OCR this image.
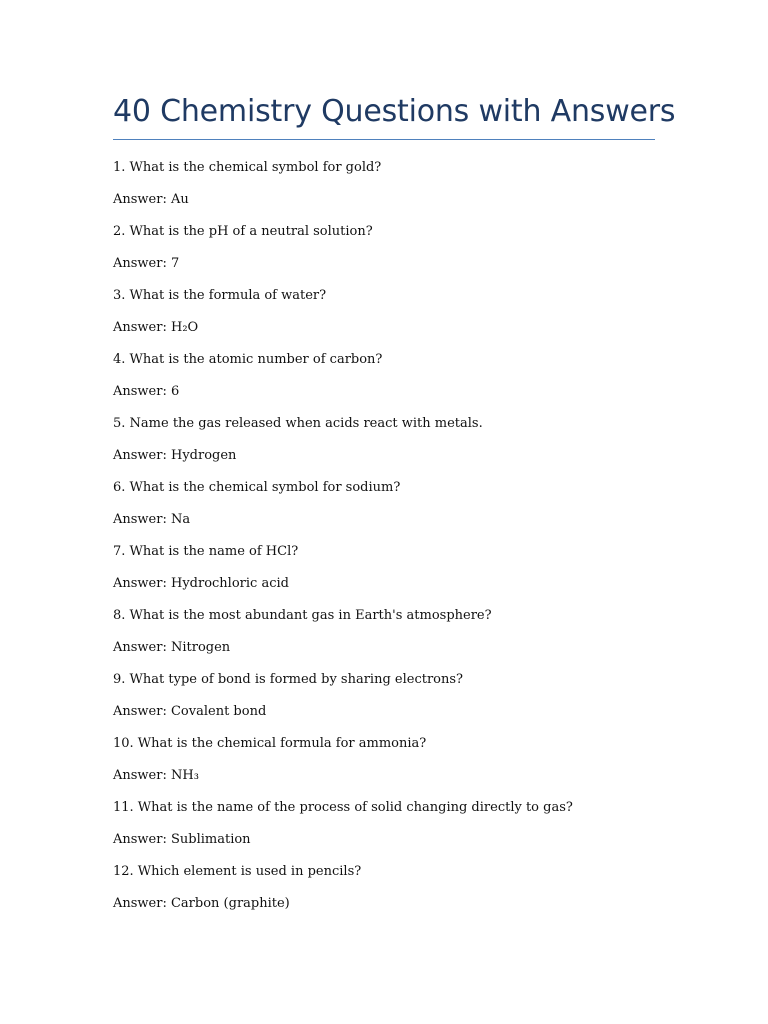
40 Chemistry Questions with Answers
1. What is the chemical symbol for gold?
Answer: Au
2. What is the pH of a neutral solution?
Answer: 7
3. What is the formula of water?
Answer: H₂O
4. What is the atomic number of carbon?
Answer: 6
5. Name the gas released when acids react with metals.
Answer: Hydrogen
6. What is the chemical symbol for sodium?
Answer: Na
7. What is the name of HCl?
Answer: Hydrochloric acid
8. What is the most abundant gas in Earth's atmosphere?
Answer: Nitrogen
9. What type of bond is formed by sharing electrons?
Answer: Covalent bond
10. What is the chemical formula for ammonia?
Answer: NH₃
11. What is the name of the process of solid changing directly to gas?
Answer: Sublimation
12. Which element is used in pencils?
Answer: Carbon (graphite)
